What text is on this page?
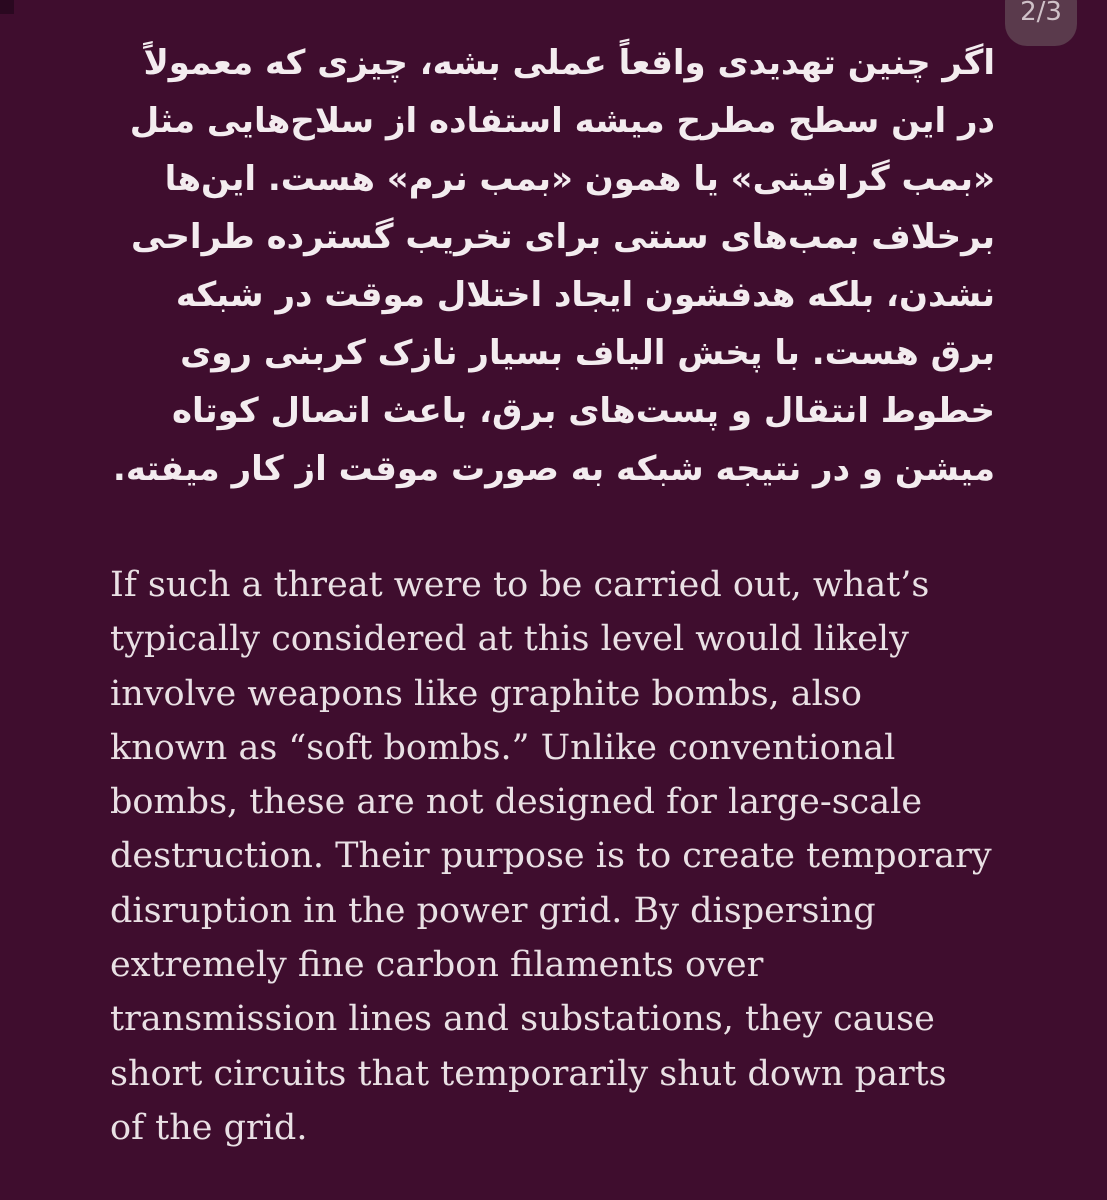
2/3

اگر چنین تهدیدی واقعاً عملی بشه، چیزی که معمولاً در این سطح مطرح میشه استفاده از سلاح‌هایی مثل «بمب گرافیتی» یا همون «بمب نرم» هست. این‌ها برخلاف بمب‌های سنتی برای تخریب گسترده طراحی نشدن، بلکه هدفشون ایجاد اختلال موقت در شبکه برق هست. با پخش الیاف بسیار نازک کربنی روی خطوط انتقال و پست‌های برق، باعث اتصال کوتاه میشن و در نتیجه شبکه به صورت موقت از کار میفته.

If such a threat were to be carried out, what’s
typically considered at this level would likely
involve weapons like graphite bombs, also
known as “soft bombs.” Unlike conventional
bombs, these are not designed for large-scale
destruction. Their purpose is to create temporary
disruption in the power grid. By dispersing
extremely fine carbon filaments over
transmission lines and substations, they cause
short circuits that temporarily shut down parts
of the grid.
